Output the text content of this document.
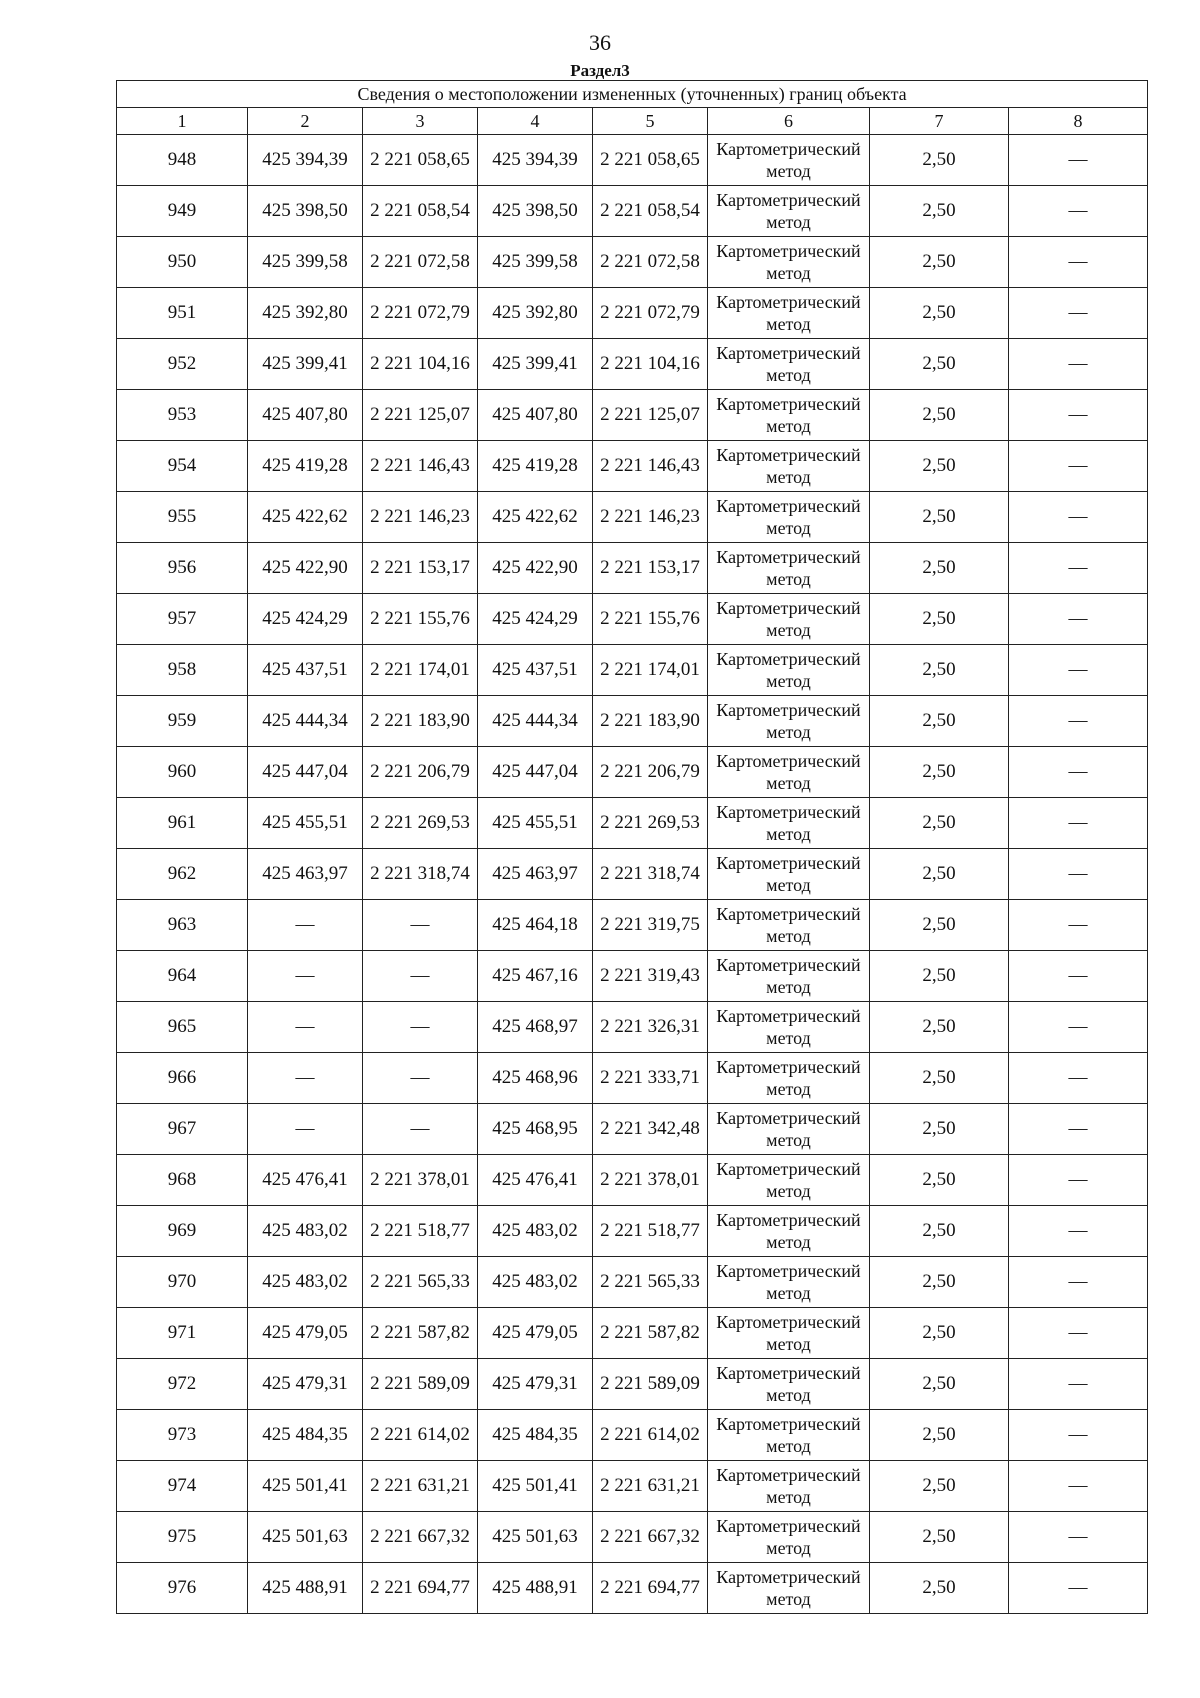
36
Раздел3
Сведения о местоположении измененных (уточненных) границ объекта							
1	2	3	4	5	6	7	8
948	425 394,39	2 221 058,65	425 394,39	2 221 058,65	Картометрический метод	2,50	—
949	425 398,50	2 221 058,54	425 398,50	2 221 058,54	Картометрический метод	2,50	—
950	425 399,58	2 221 072,58	425 399,58	2 221 072,58	Картометрический метод	2,50	—
951	425 392,80	2 221 072,79	425 392,80	2 221 072,79	Картометрический метод	2,50	—
952	425 399,41	2 221 104,16	425 399,41	2 221 104,16	Картометрический метод	2,50	—
953	425 407,80	2 221 125,07	425 407,80	2 221 125,07	Картометрический метод	2,50	—
954	425 419,28	2 221 146,43	425 419,28	2 221 146,43	Картометрический метод	2,50	—
955	425 422,62	2 221 146,23	425 422,62	2 221 146,23	Картометрический метод	2,50	—
956	425 422,90	2 221 153,17	425 422,90	2 221 153,17	Картометрический метод	2,50	—
957	425 424,29	2 221 155,76	425 424,29	2 221 155,76	Картометрический метод	2,50	—
958	425 437,51	2 221 174,01	425 437,51	2 221 174,01	Картометрический метод	2,50	—
959	425 444,34	2 221 183,90	425 444,34	2 221 183,90	Картометрический метод	2,50	—
960	425 447,04	2 221 206,79	425 447,04	2 221 206,79	Картометрический метод	2,50	—
961	425 455,51	2 221 269,53	425 455,51	2 221 269,53	Картометрический метод	2,50	—
962	425 463,97	2 221 318,74	425 463,97	2 221 318,74	Картометрический метод	2,50	—
963	—	—	425 464,18	2 221 319,75	Картометрический метод	2,50	—
964	—	—	425 467,16	2 221 319,43	Картометрический метод	2,50	—
965	—	—	425 468,97	2 221 326,31	Картометрический метод	2,50	—
966	—	—	425 468,96	2 221 333,71	Картометрический метод	2,50	—
967	—	—	425 468,95	2 221 342,48	Картометрический метод	2,50	—
968	425 476,41	2 221 378,01	425 476,41	2 221 378,01	Картометрический метод	2,50	—
969	425 483,02	2 221 518,77	425 483,02	2 221 518,77	Картометрический метод	2,50	—
970	425 483,02	2 221 565,33	425 483,02	2 221 565,33	Картометрический метод	2,50	—
971	425 479,05	2 221 587,82	425 479,05	2 221 587,82	Картометрический метод	2,50	—
972	425 479,31	2 221 589,09	425 479,31	2 221 589,09	Картометрический метод	2,50	—
973	425 484,35	2 221 614,02	425 484,35	2 221 614,02	Картометрический метод	2,50	—
974	425 501,41	2 221 631,21	425 501,41	2 221 631,21	Картометрический метод	2,50	—
975	425 501,63	2 221 667,32	425 501,63	2 221 667,32	Картометрический метод	2,50	—
976	425 488,91	2 221 694,77	425 488,91	2 221 694,77	Картометрический метод	2,50	—
